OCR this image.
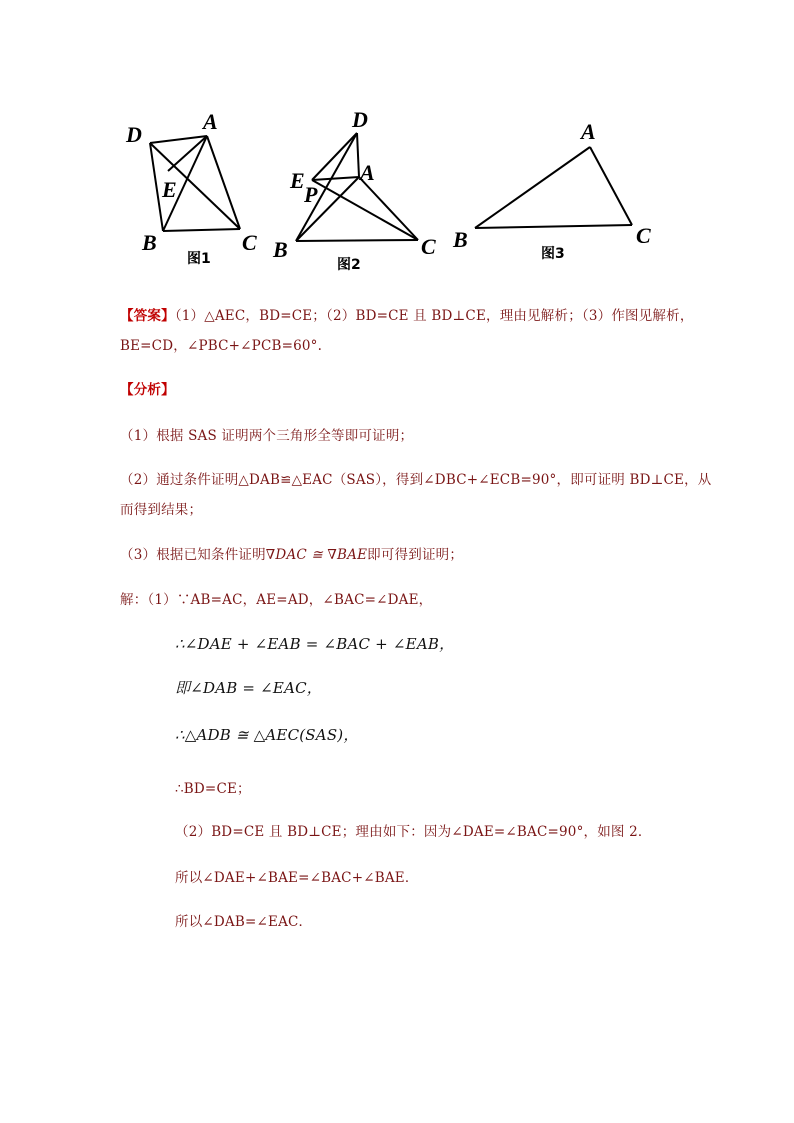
D
A
E
B	C
图1
D
A
E
P
B	C
图2
A
B	C
图3
【答案】（1）△AEC，BD=CE；（2）BD=CE 且 BD⊥CE，理由见解析；（3）作图见解析，
BE=CD，∠PBC+∠PCB=60°.
【分析】
（1）根据 SAS 证明两个三角形全等即可证明；
（2）通过条件证明△DAB≌△EAC（SAS），得到∠DBC+∠ECB=90°，即可证明 BD⊥CE，从
而得到结果；
（3）根据已知条件证明∇DAC ≅ ∇BAE即可得到证明；
解：（1）∵AB=AC，AE=AD，∠BAC=∠DAE，
∴∠DAE + ∠EAB = ∠BAC + ∠EAB，
即∠DAB = ∠EAC，
∴△ADB ≅ △AEC(SAS)，
∴BD=CE；
（2）BD=CE 且 BD⊥CE；理由如下：因为∠DAE=∠BAC=90°，如图 2．
所以∠DAE+∠BAE=∠BAC+∠BAE．
所以∠DAB=∠EAC．
